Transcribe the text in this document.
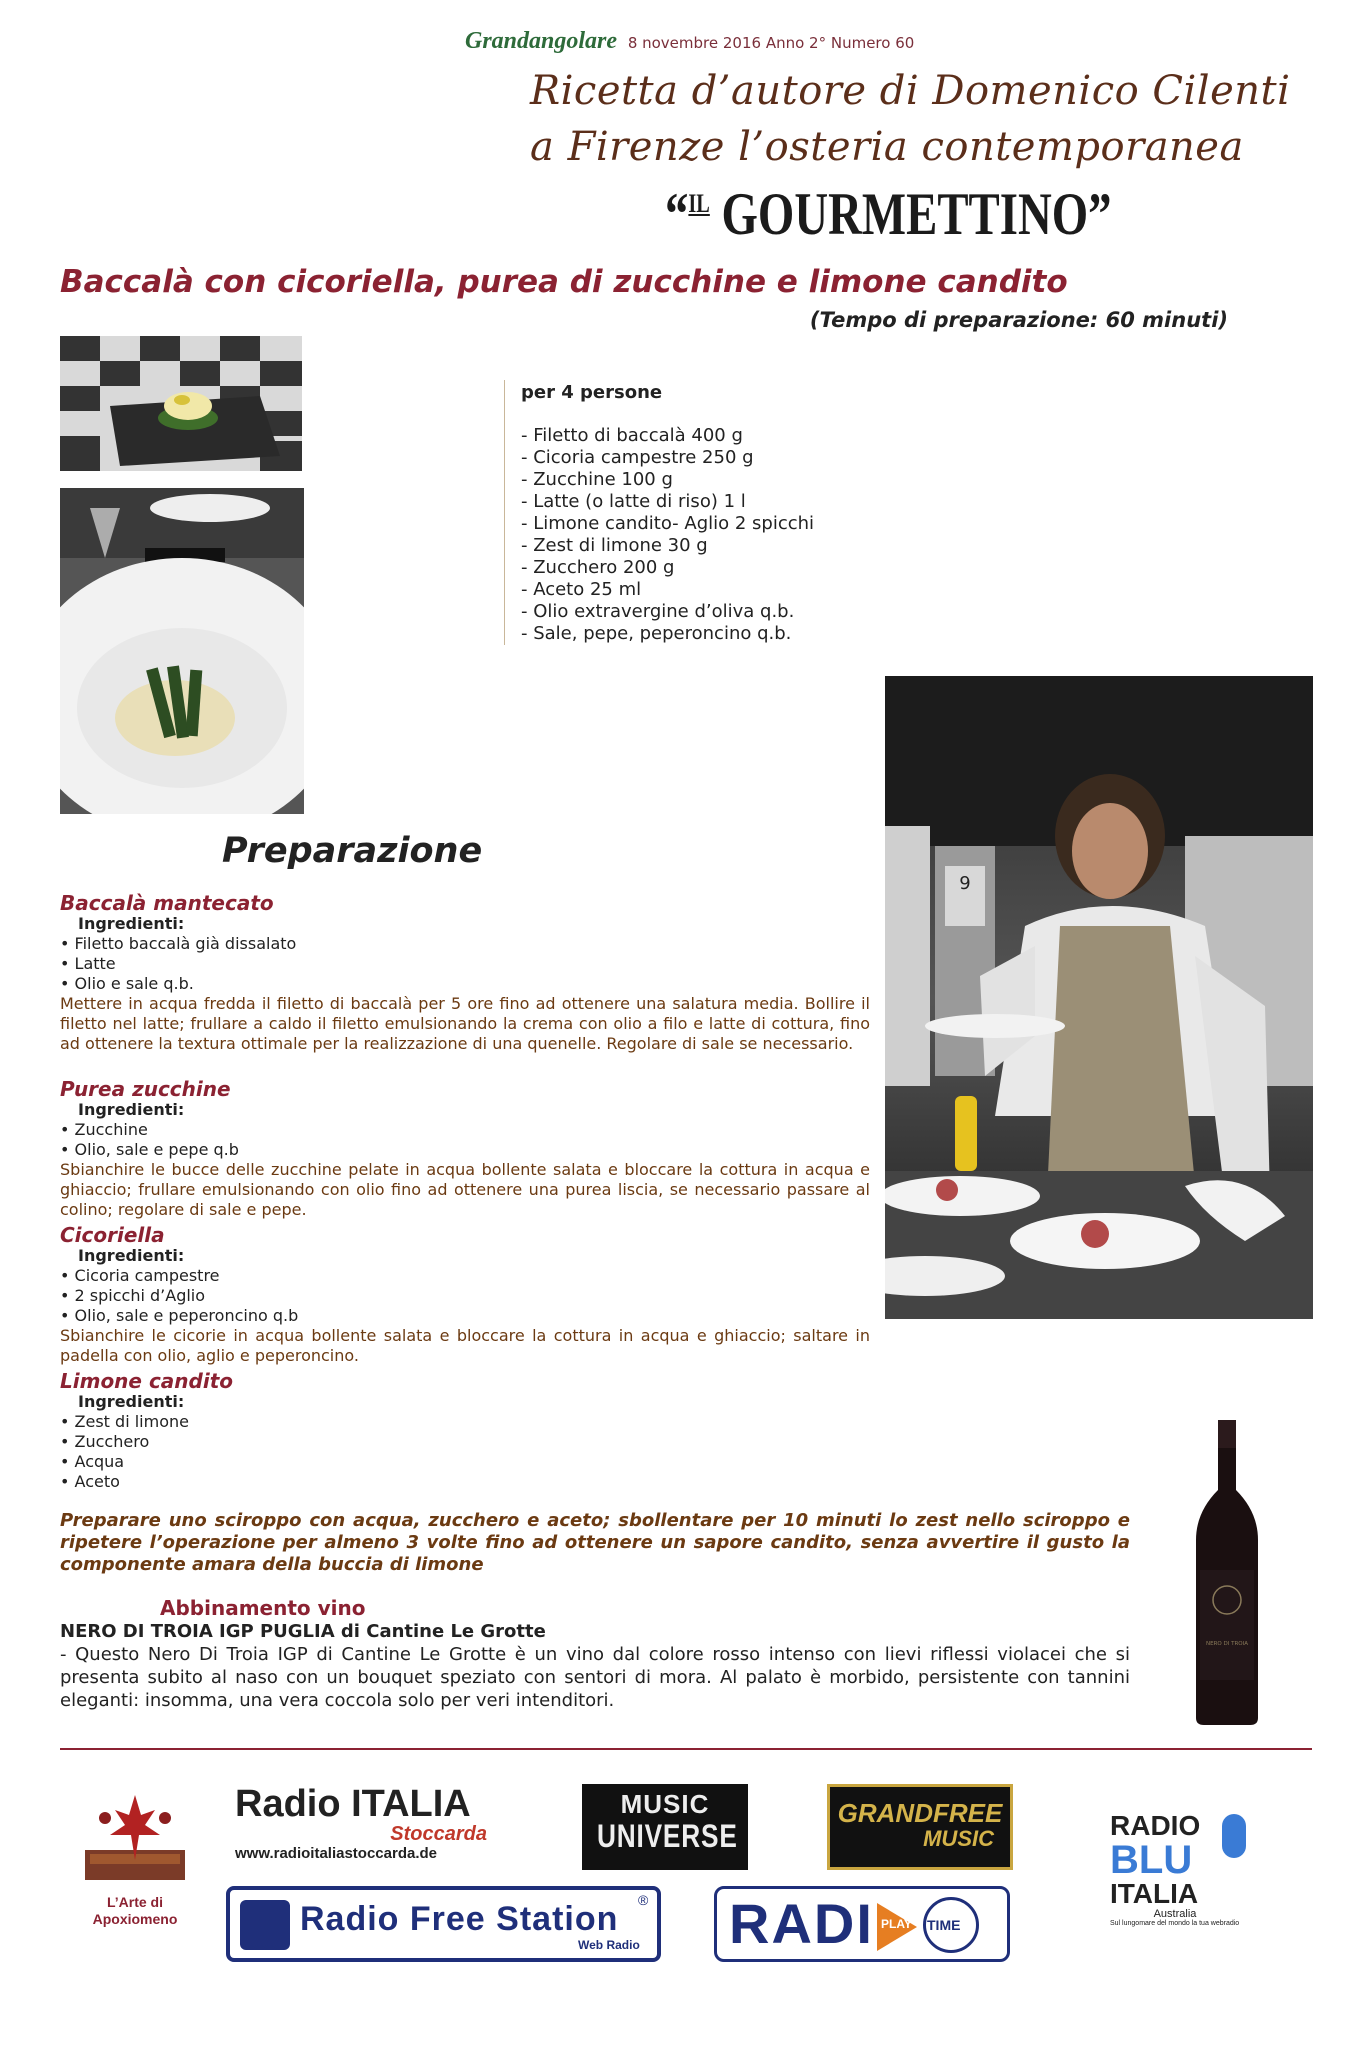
Grandangolare 8 novembre 2016 Anno 2° Numero 60
Ricetta d’autore di Domenico Cilenti
a Firenze l’osteria contemporanea
“$^{IL}$ GOURMETTINO”
Baccalà con cicoriella, purea di zucchine e limone candito
(Tempo di preparazione: 60 minuti)
per 4 persone
- Filetto di baccalà 400 g
- Cicoria campestre 250 g
- Zucchine 100 g
- Latte (o latte di riso) 1 l
- Limone candito- Aglio 2 spicchi
- Zest di limone 30 g
- Zucchero 200 g
- Aceto 25 ml
- Olio extravergine d’oliva q.b.
- Sale, pepe, peperoncino q.b.
9
Preparazione
Baccalà mantecato
Ingredienti:
• Filetto baccalà già dissalato
• Latte
• Olio e sale q.b.
Mettere in acqua fredda il filetto di baccalà per 5 ore fino ad ottenere una salatura media. Bollire il filetto nel latte; frullare a caldo il filetto emulsionando la crema con olio a filo e latte di cottura, fino ad ottenere la textura ottimale per la realizzazione di una quenelle. Regolare di sale se necessario.
Purea zucchine
Ingredienti:
• Zucchine
• Olio, sale e pepe q.b
Sbianchire le bucce delle zucchine pelate in acqua bollente salata e bloccare la cottura in acqua e ghiaccio; frullare emulsionando con olio fino ad ottenere una purea liscia, se necessario passare al colino; regolare di sale e pepe.
Cicoriella
Ingredienti:
• Cicoria campestre
• 2 spicchi d’Aglio
• Olio, sale e peperoncino q.b
Sbianchire le cicorie in acqua bollente salata e bloccare la cottura in acqua e ghiaccio; saltare in padella con olio, aglio e peperoncino.
Limone candito
Ingredienti:
• Zest di limone
• Zucchero
• Acqua
• Aceto
Preparare uno sciroppo con acqua, zucchero e aceto; sbollentare per 10 minuti lo zest nello sciroppo e ripetere l’operazione per almeno 3 volte fino ad ottenere un sapore candito, senza avvertire il gusto la componente amara della buccia di limone
NERO DI TROIA
Abbinamento vino
NERO DI TROIA IGP PUGLIA di Cantine Le Grotte
- Questo Nero Di Troia IGP di Cantine Le Grotte è un vino dal colore rosso intenso con lievi riflessi violacei che si presenta subito al naso con un bouquet speziato con sentori di mora. Al palato è morbido, persistente con tannini eleganti: insomma, una vera coccola solo per veri intenditori.
L’Arte di Apoxiomeno
Radio ITALIA
Stoccarda
www.radioitaliastoccarda.de
MUSIC
UNIVERSE
GRANDFREE
MUSIC	RADIO
BLU
ITALIA
Australia
Sul lungomare del mondo la tua webradio
Radio Free Station
Web Radio
® RADI PLAY TIME
